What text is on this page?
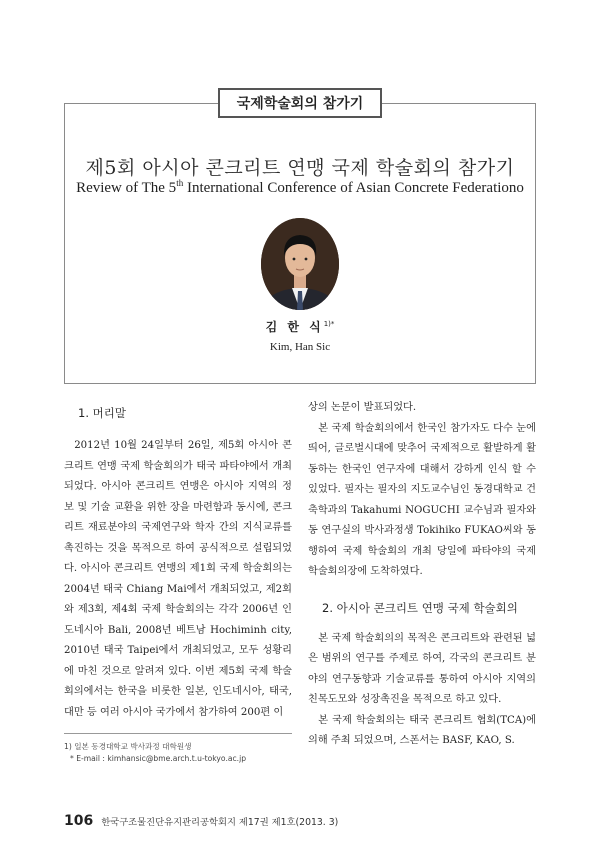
국제학술회의 참가기
제5회 아시아 콘크리트 연맹 국제 학술회의 참가기
Review of The 5th International Conference of Asian Concrete Federationo
김 한 식$^{1)*}$
Kim, Han Sic
1. 머리말

2012년 10월 24일부터 26일, 제5회 아시아 콘크리트 연맹 국제 학술회의가 태국 파타야에서 개최되었다. 아시아 콘크리트 연맹은 아시아 지역의 정보 및 기술 교환을 위한 장을 마련함과 동시에, 콘크리트 재료분야의 국제연구와 학자 간의 지식교류를 촉진하는 것을 목적으로 하여 공식적으로 설립되었다. 아시아 콘크리트 연맹의 제1회 국제 학술회의는 2004년 태국 Chiang Mai에서 개최되었고, 제2회와 제3회, 제4회 국제 학술회의는 각각 2006년 인도네시아 Bali, 2008년 베트남 Hochiminh city, 2010년 태국 Taipei에서 개최되었고, 모두 성황리에 마친 것으로 알려져 있다. 이번 제5회 국제 학술회의에서는 한국을 비롯한 일본, 인도네시아, 태국, 대만 등 여러 아시아 국가에서 참가하여 200편 이

상의 논문이 발표되었다.

본 국제 학술회의에서 한국인 참가자도 다수 눈에 띄어, 글로벌시대에 맞추어 국제적으로 활발하게 활동하는 한국인 연구자에 대해서 강하게 인식 할 수 있었다. 필자는 필자의 지도교수님인 동경대학교 건축학과의 Takahumi NOGUCHI 교수님과 필자와 동 연구실의 박사과정생 Tokihiko FUKAO씨와 동행하여 국제 학술회의 개최 당일에 파타야의 국제 학술회의장에 도착하였다.

2. 아시아 콘크리트 연맹 국제 학술회의

본 국제 학술회의의 목적은 콘크리트와 관련된 넓은 범위의 연구를 주제로 하여, 각국의 콘크리트 분야의 연구동향과 기술교류를 통하여 아시아 지역의 친목도모와 성장촉진을 목적으로 하고 있다.

본 국제 학술회의는 태국 콘크리트 협회(TCA)에 의해 주최 되었으며, 스폰서는 BASF, KAO, S.

1) 일본 동경대학교 박사과정 대학원생
* E-mail : kimhansic@bme.arch.t.u-tokyo.ac.jp
106 한국구조물진단유지관리공학회지 제17권 제1호(2013. 3)
